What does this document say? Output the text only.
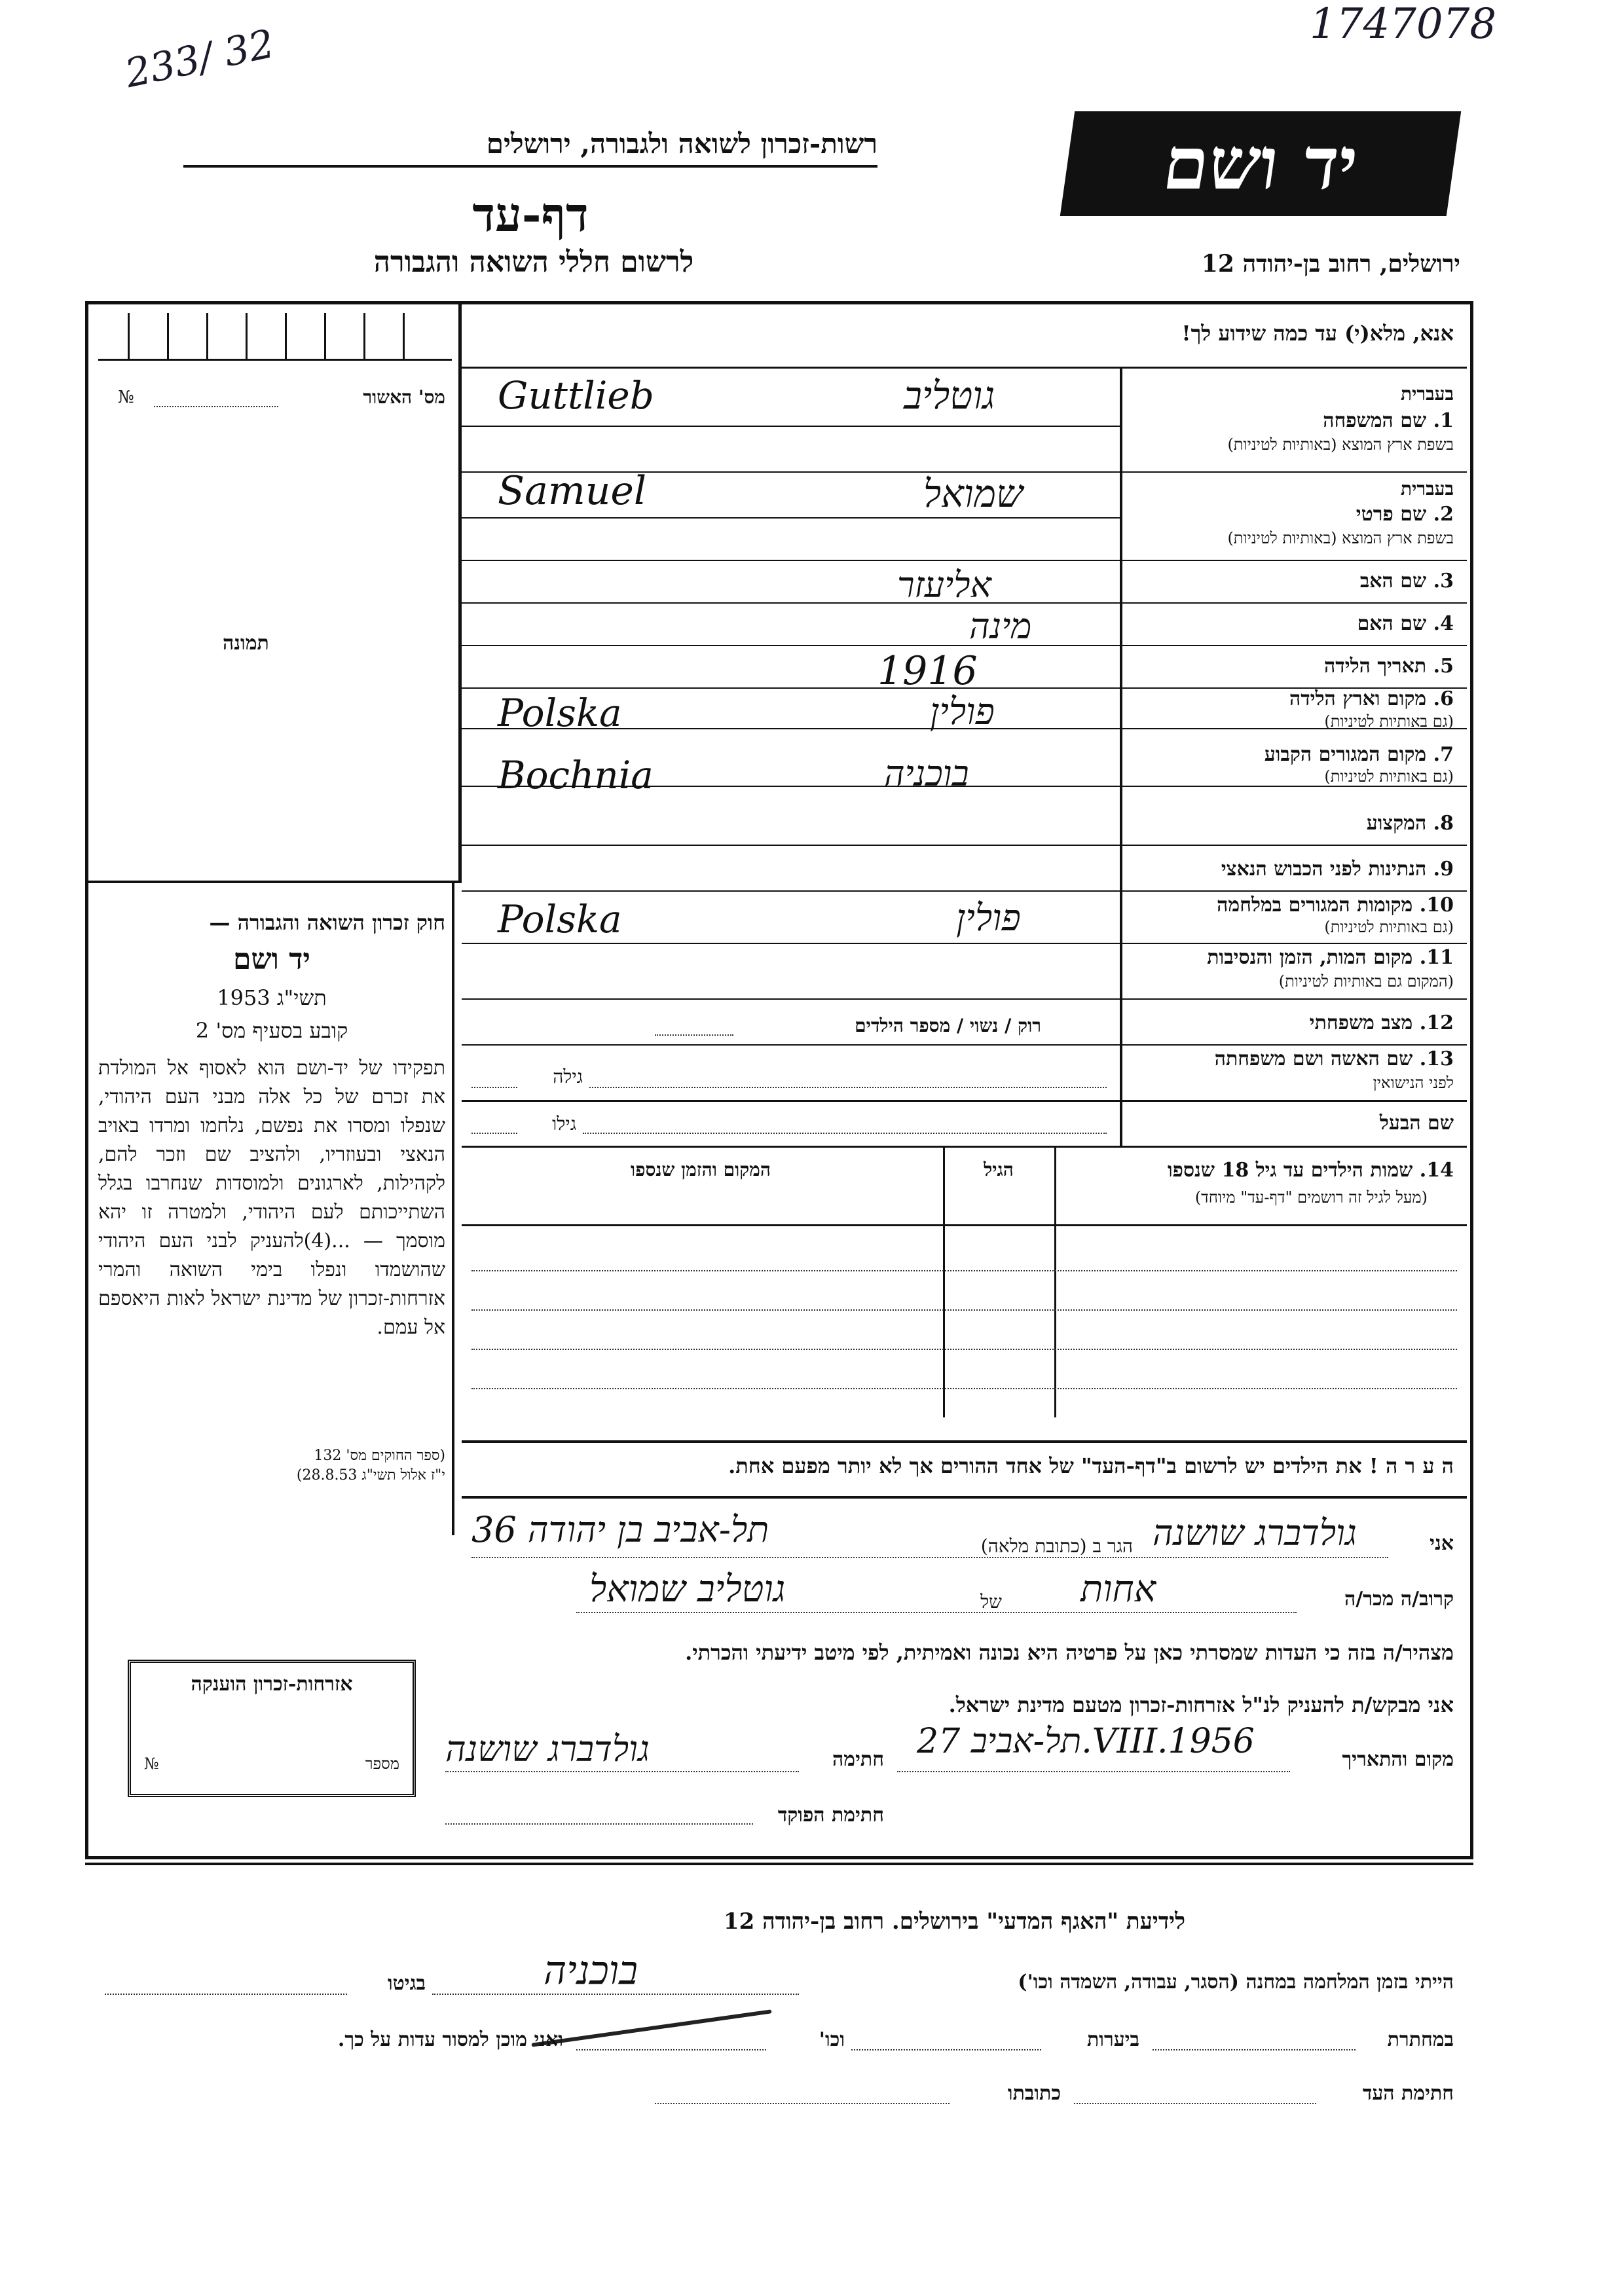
1747078
233/ 32
רשות-זכרון לשואה ולגבורה, ירושלים
דף-עד
לרשום חללי השואה והגבורה
יד ושם
ירושלים, רחוב בן-יהודה 12
אנא, מלא(י) עד כמה שידוע לך!
מס' האשור
№
תמונה
בעברית
1. שם המשפחה
בשפת ארץ המוצא (באותיות לטיניות)
גוטליב
Guttlieb
בעברית
2. שם פרטי
בשפת ארץ המוצא (באותיות לטיניות)
שמואל
Samuel
3. שם האב
אליעזר
4. שם האם
מינה
5. תאריך הלידה
1916
6. מקום וארץ הלידה
(גם באותיות לטיניות)
פולין
Polska
7. מקום המגורים הקבוע
(גם באותיות לטיניות)
בוכניה
Bochnia
8. המקצוע
9. הנתינות לפני הכבוש הנאצי
10. מקומות המגורים במלחמה
(גם באותיות לטיניות)
פולין
Polska
11. מקום המות, הזמן והנסיבות
(המקום גם באותיות לטיניות)
12. מצב משפחתי
רוק / נשוי / מספר הילדים
13. שם האשה ושם משפחתה
לפני הנישואין
גילה
שם הבעל
גילו
חוק זכרון השואה והגבורה —
יד ושם
תשי"ג 1953
קובע בסעיף מס' 2
תפקידו של יד-ושם הוא לאסוף אל המולדת את זכרם של כל אלה מבני העם היהודי, שנפלו ומסרו את נפשם, נלחמו ומרדו באויב הנאצי ובעוזריו, ולהציב שם וזכר להם, לקהילות, לארגונים ולמוסדות שנחרבו בגלל השתייכותם לעם היהודי, ולמטרה זו יהא מוסמך — ...(4)להעניק לבני העם היהודי שהושמדו ונפלו בימי השואה והמרי אזרחות-זכרון של מדינת ישראל לאות היאספם אל עמם.
(ספר החוקים מס' 132
י"ז אלול תשי"ג 28.8.53)
14. שמות הילדים עד גיל 18 שנספו
(מעל לגיל זה רושמים "דף-עד" מיוחד)
הגיל
המקום והזמן שנספו
ה ע ר ה ! את הילדים יש לרשום ב"דף-העד" של אחד ההורים אך לא יותר מפעם אחת.
אני
גולדברג שושנה
הגר ב (כתובת מלאה)
תל-אביב בן יהודה 36
קרוב/ה מכר/ה
אחות
של
גוטליב שמואל
מצהיר/ה בזה כי העדות שמסרתי כאן על פרטיה היא נכונה ואמיתית, לפי מיטב ידיעתי והכרתי.
אני מבקש/ת להעניק לנ"ל אזרחות-זכרון מטעם מדינת ישראל.
מקום והתאריך
תל-אביב 27.VIII.1956
חתימה
גולדברג שושנה
חתימת הפוקד
אזרחות-זכרון הוענקה
מספר
№
לידיעת "האגף המדעי" בירושלים. רחוב בן-יהודה 12
הייתי בזמן המלחמה במחנה (הסגר, עבודה, השמדה וכו')
בוכניה
בגיטו
במחתרת
ביערות
וכו'
ואני מוכן למסור עדות על כך.
חתימת העד
כתובתו
